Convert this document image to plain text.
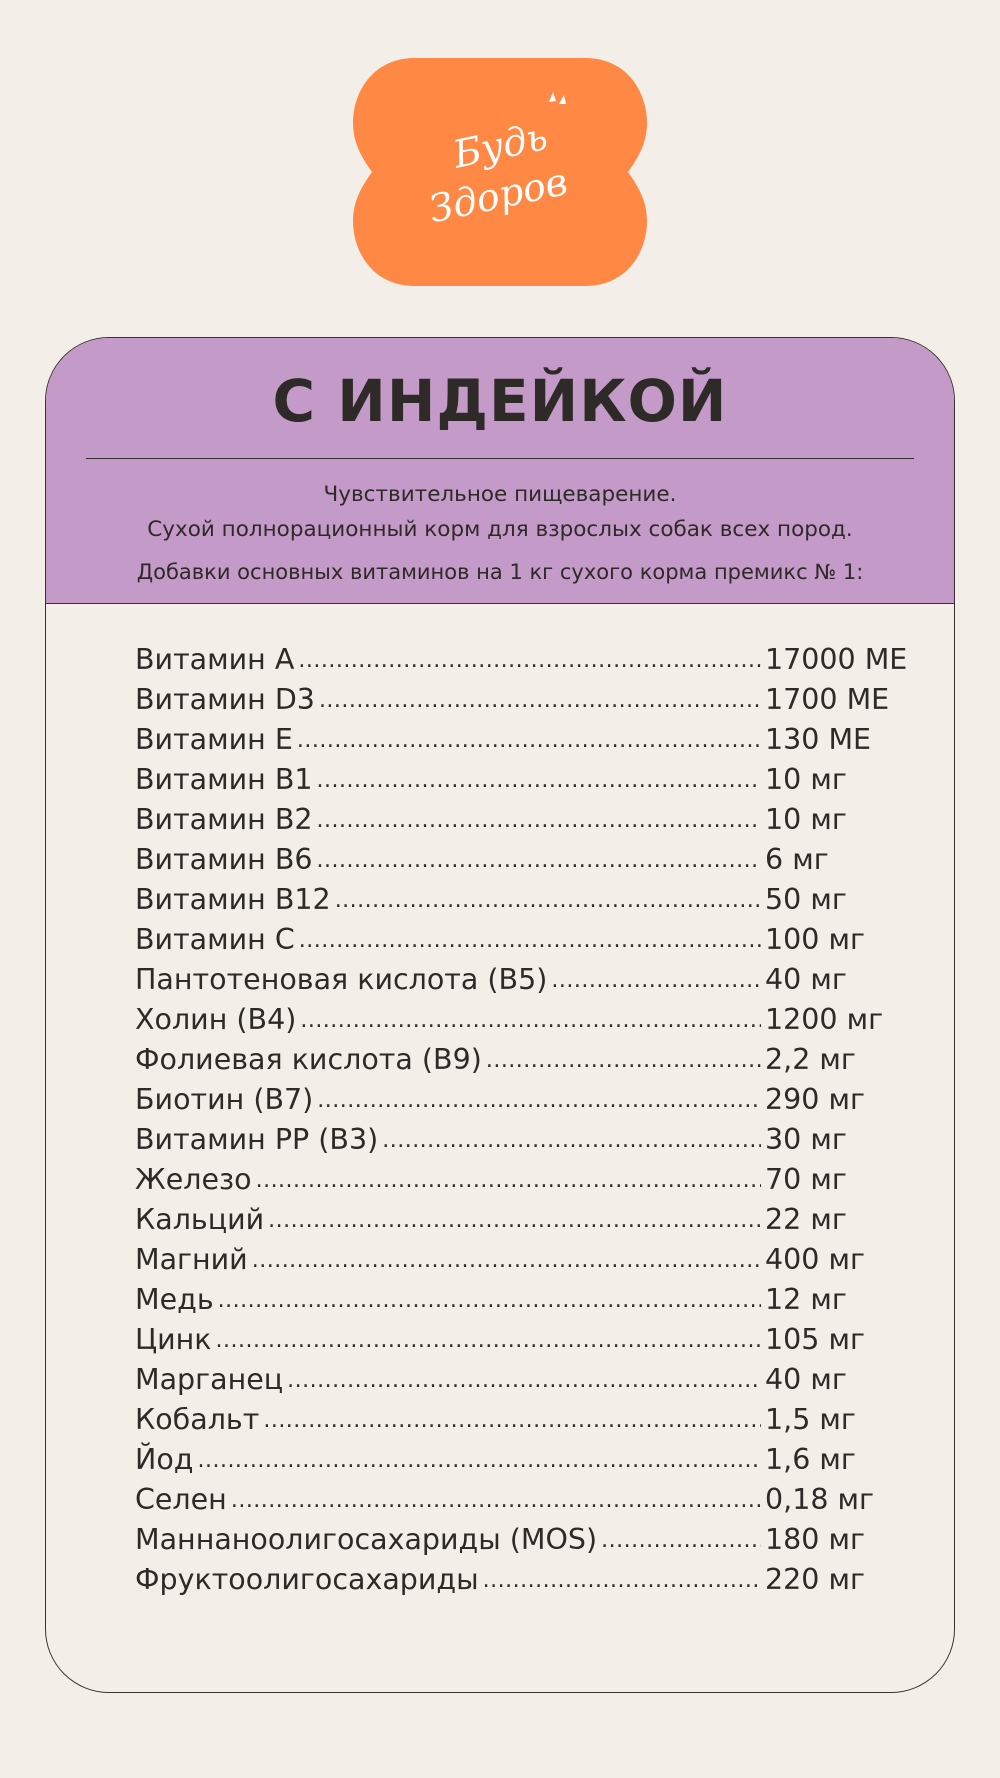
Будь
Здоров
С ИНДЕЙКОЙ
Чувствительное пищеварение.
Сухой полнорационный корм для взрослых собак всех пород.
Добавки основных витаминов на 1 кг сухого корма премикс № 1:
Витамин А .....	17000 МЕ
Витамин D3 .....	1700 МЕ
Витамин Е .....	130 МЕ
Витамин В1 .....	10 мг
Витамин В2 .....	10 мг
Витамин В6 .....	6 мг
Витамин В12 .....	50 мг
Витамин С .....	100 мг
Пантотеновая кислота (В5) .....	40 мг
Холин (В4) .....	1200 мг
Фолиевая кислота (В9) .....	2,2 мг
Биотин (В7) .....	290 мг
Витамин РР (В3) .....	30 мг
Железо .....	70 мг
Кальций .....	22 мг
Магний .....	400 мг
Медь .....	12 мг
Цинк .....	105 мг
Марганец .....	40 мг
Кобальт .....	1,5 мг
Йод .....	1,6 мг
Селен .....	0,18 мг
Маннаноолигосахариды (MOS) .....	180 мг
Фруктоолигосахариды .....	220 мг
